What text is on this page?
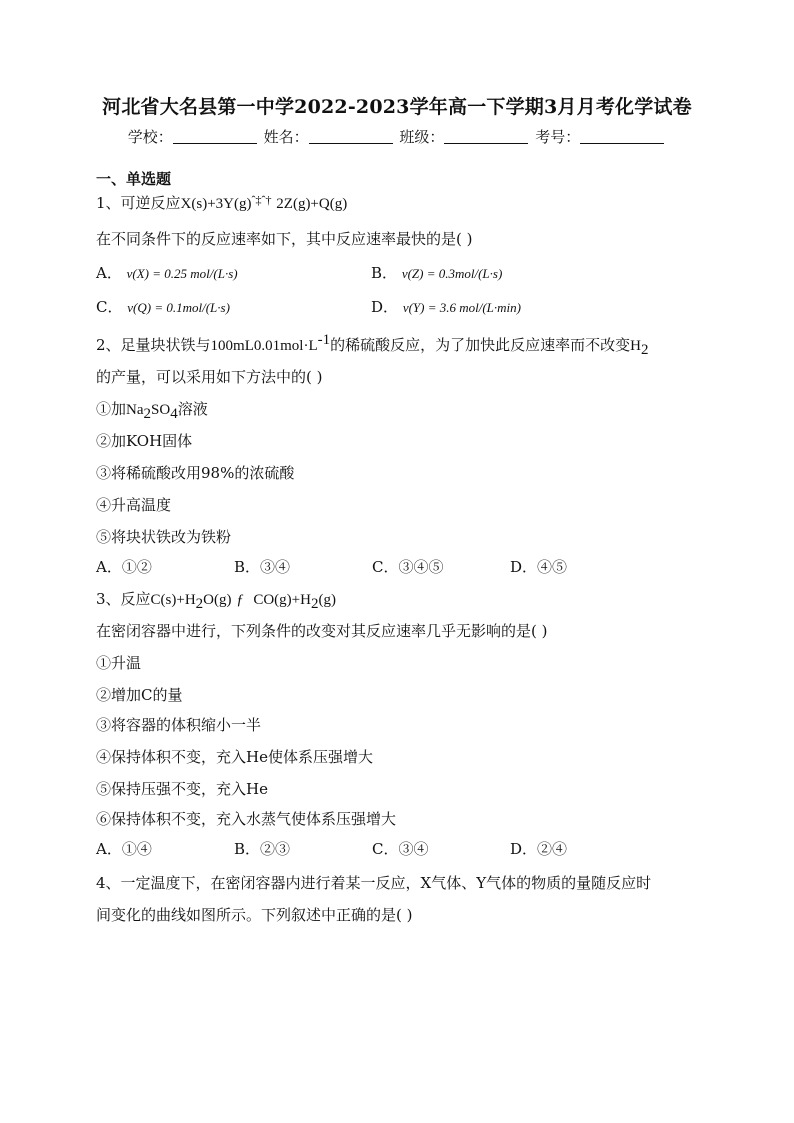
河北省大名县第一中学2022-2023学年高一下学期3月月考化学试卷
学校：	姓名：	班级：	考号：
一、单选题
1、可逆反应$X(s)+3Y(g)^{ˆ\ddagger ˆ\dagger}$ 2Z(g)+Q(g)
在不同条件下的反应速率如下，其中反应速率最快的是( )
A． v(X) = 0.25 mol/(L·s)	B． v(Z) = 0.3mol/(L·s)
C． v(Q) = 0.1mol/(L·s)	D． v(Y) = 3.6 mol/(L·min)
2、足量块状铁与$100mL0.01mol\cdot L^{-1}$的稀硫酸反应，为了加快此反应速率而不改变$H_2$
的产量，可以采用如下方法中的( )
①加$Na_2SO_4$溶液
②加KOH固体
③将稀硫酸改用98%的浓硫酸
④升高温度
⑤将块状铁改为铁粉
A．①②	B．③④	C．③④⑤	D．④⑤
3、反应$C(s)+H_2O(g)$ ƒ $CO(g)+H_2(g)$
在密闭容器中进行，下列条件的改变对其反应速率几乎无影响的是( )
①升温
②增加C的量
③将容器的体积缩小一半
④保持体积不变，充入He使体系压强增大
⑤保持压强不变，充入He
⑥保持体积不变，充入水蒸气使体系压强增大
A．①④	B．②③	C．③④	D．②④
4、一定温度下，在密闭容器内进行着某一反应，X气体、Y气体的物质的量随反应时
间变化的曲线如图所示。下列叙述中正确的是( )
